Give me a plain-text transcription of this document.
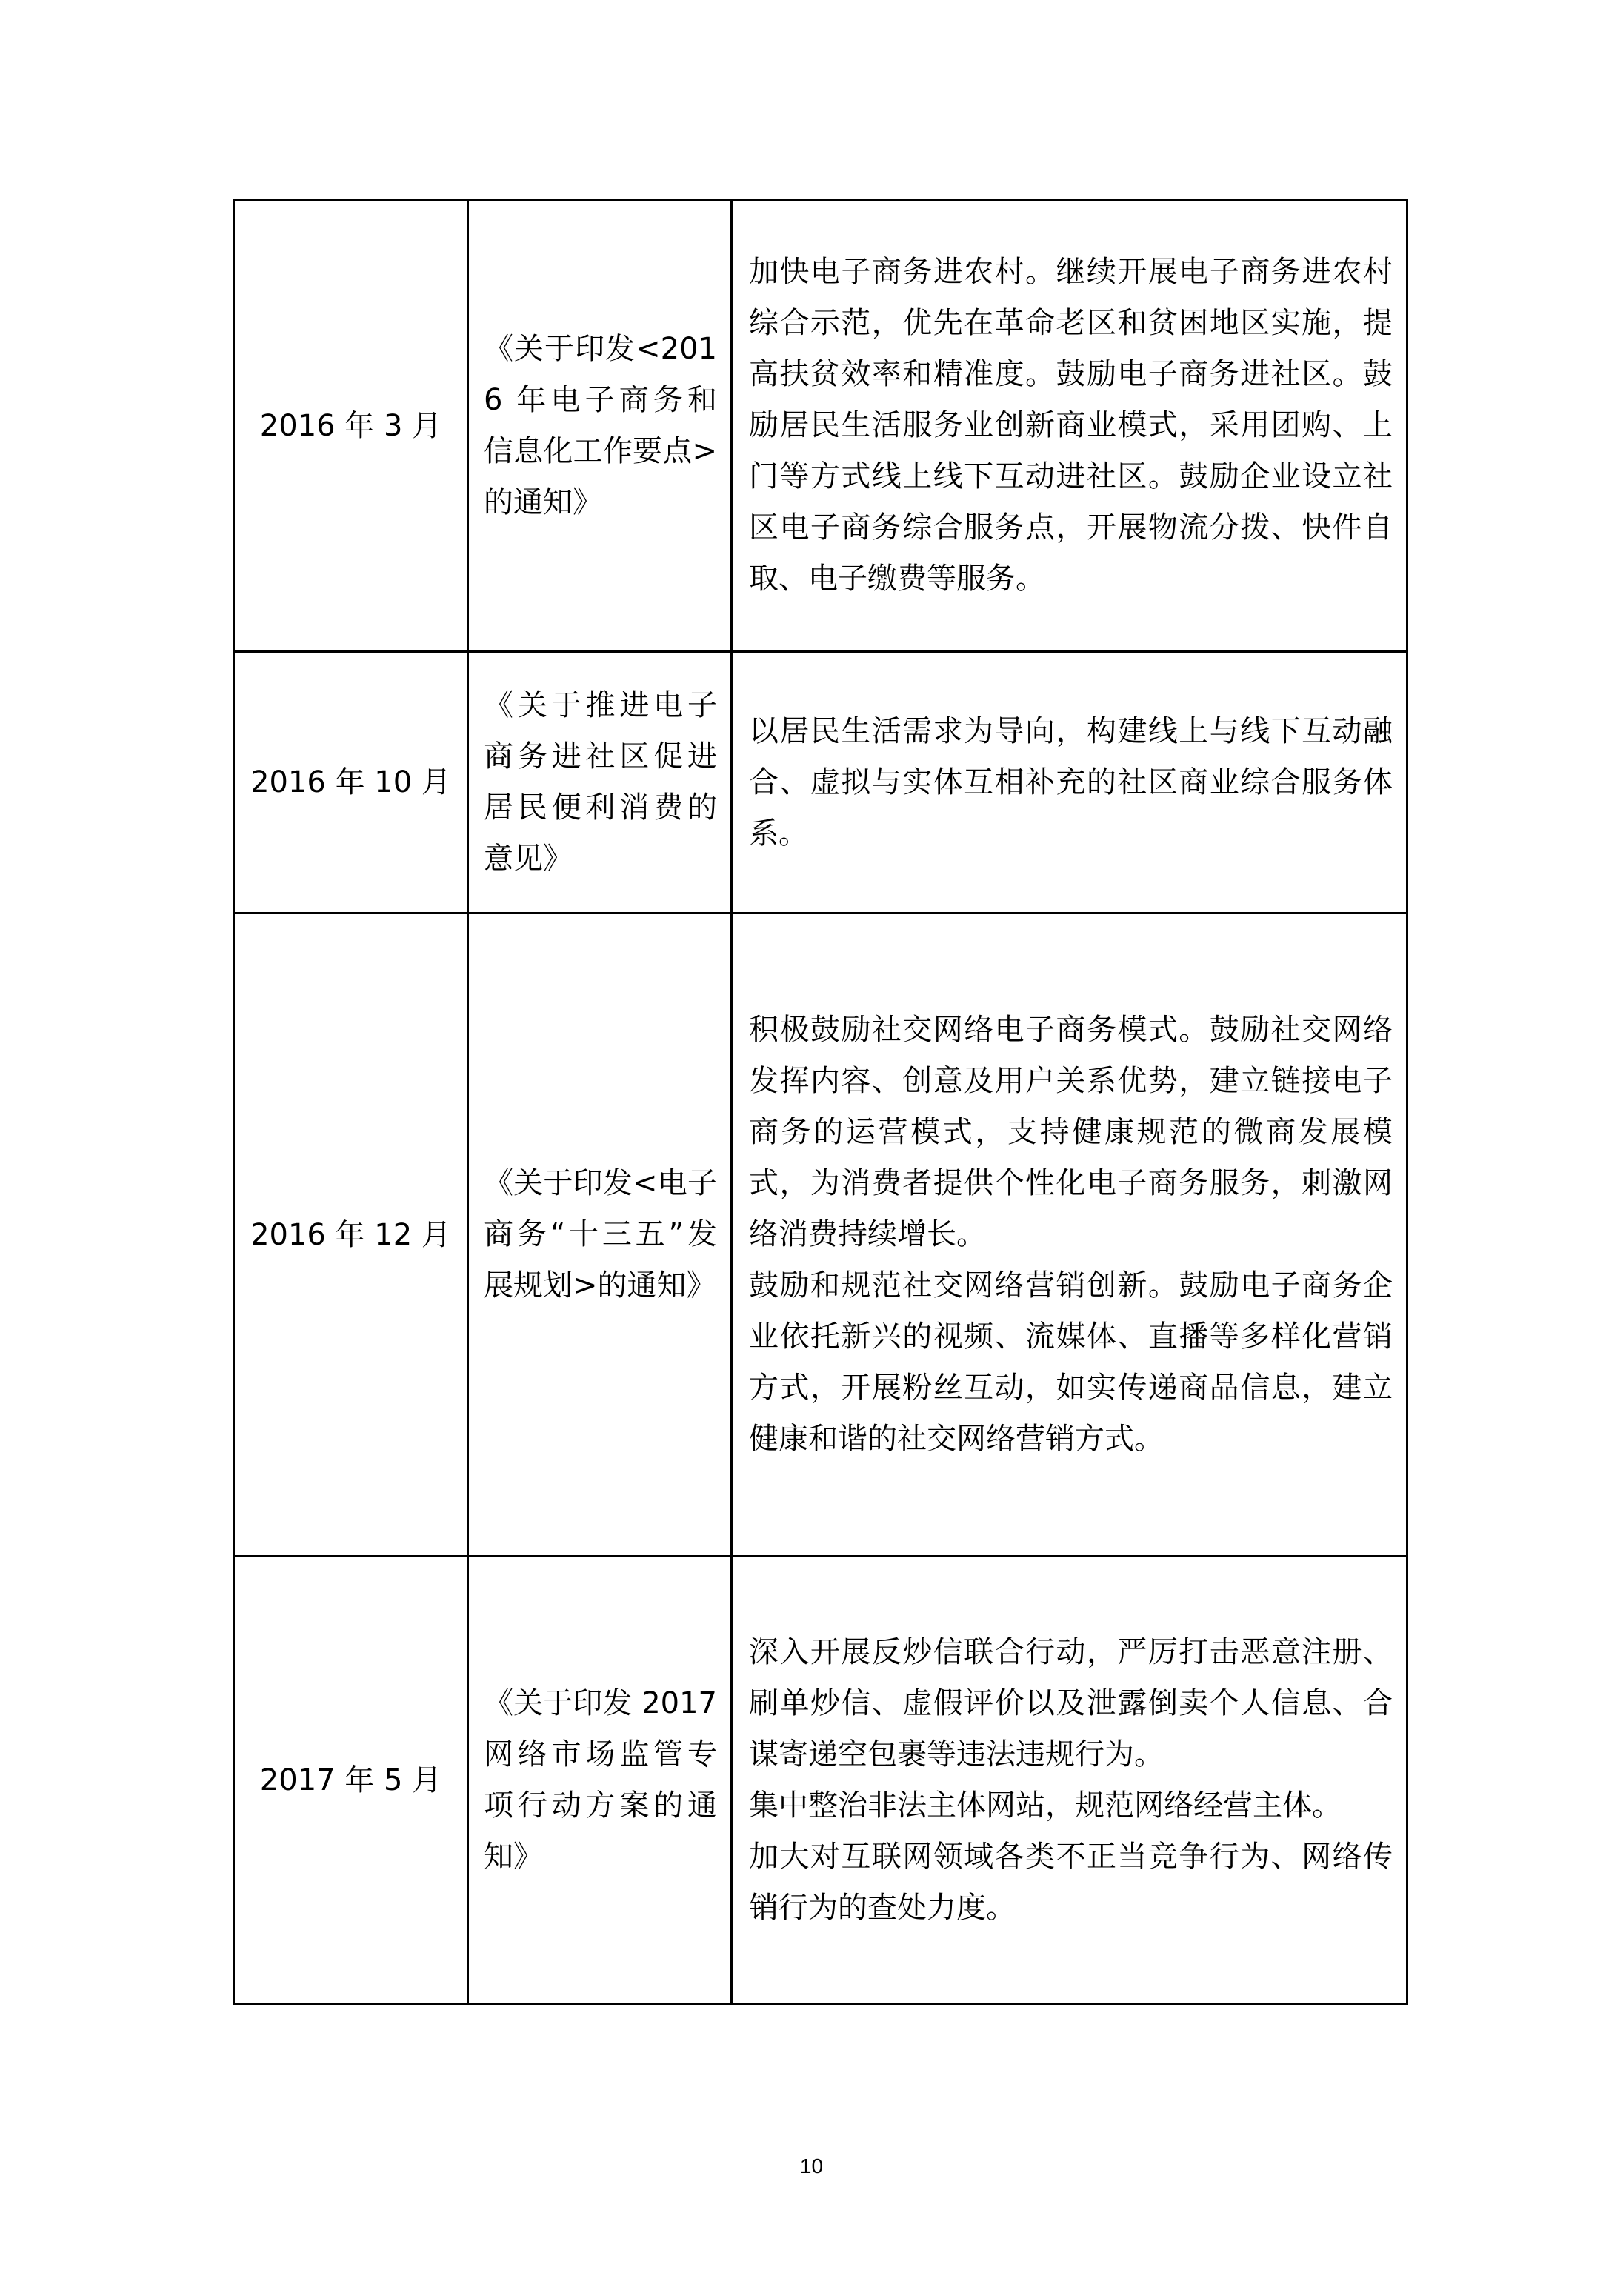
2016 年 3 月	《关于印发<2016 年电子商务和信息化工作要点>的通知》	加快电子商务进农村。继续开展电子商务进农村综合示范，优先在革命老区和贫困地区实施，提高扶贫效率和精准度。鼓励电子商务进社区。鼓励居民生活服务业创新商业模式，采用团购、上门等方式线上线下互动进社区。鼓励企业设立社区电子商务综合服务点，开展物流分拨、快件自取、电子缴费等服务。

2016 年 10 月	《关于推进电子商务进社区促进居民便利消费的意见》	以居民生活需求为导向，构建线上与线下互动融合、虚拟与实体互相补充的社区商业综合服务体系。

2016 年 12 月	《关于印发<电子商务“十三五”发展规划>的通知》	积极鼓励社交网络电子商务模式。鼓励社交网络发挥内容、创意及用户关系优势，建立链接电子商务的运营模式，支持健康规范的微商发展模式，为消费者提供个性化电子商务服务，刺激网络消费持续增长。
鼓励和规范社交网络营销创新。鼓励电子商务企业依托新兴的视频、流媒体、直播等多样化营销方式，开展粉丝互动，如实传递商品信息，建立健康和谐的社交网络营销方式。

2017 年 5 月	《关于印发 2017 网络市场监管专项行动方案的通知》	深入开展反炒信联合行动，严厉打击恶意注册、刷单炒信、虚假评价以及泄露倒卖个人信息、合谋寄递空包裹等违法违规行为。
集中整治非法主体网站，规范网络经营主体。
加大对互联网领域各类不正当竞争行为、网络传销行为的查处力度。
10
